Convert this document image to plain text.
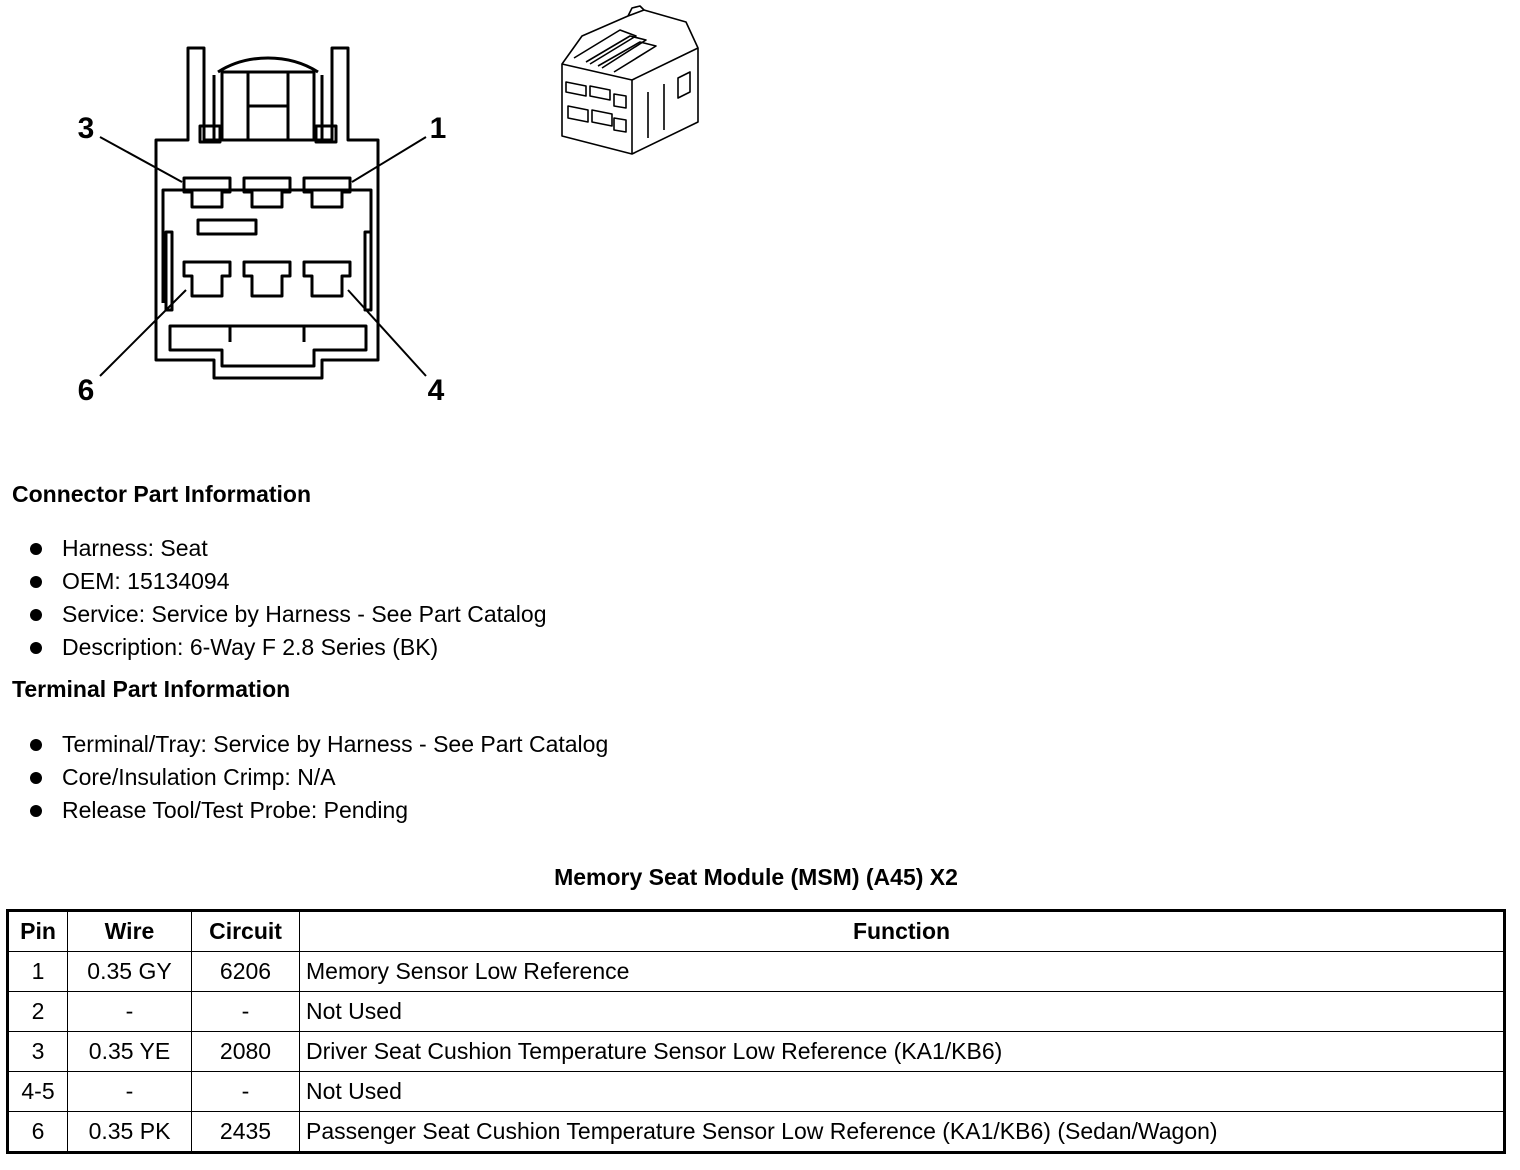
1
3
4
6
Connector Part Information
Harness: Seat
OEM: 15134094
Service: Service by Harness - See Part Catalog
Description: 6-Way F 2.8 Series (BK)
Terminal Part Information
Terminal/Tray: Service by Harness - See Part Catalog
Core/Insulation Crimp: N/A
Release Tool/Test Probe: Pending
Memory Seat Module (MSM) (A45) X2
Pin	Wire	Circuit	Function
1	0.35 GY	6206	Memory Sensor Low Reference
2	-	-	Not Used
3	0.35 YE	2080	Driver Seat Cushion Temperature Sensor Low Reference (KA1/KB6)
4-5	-	-	Not Used
6	0.35 PK	2435	Passenger Seat Cushion Temperature Sensor Low Reference (KA1/KB6) (Sedan/Wagon)
